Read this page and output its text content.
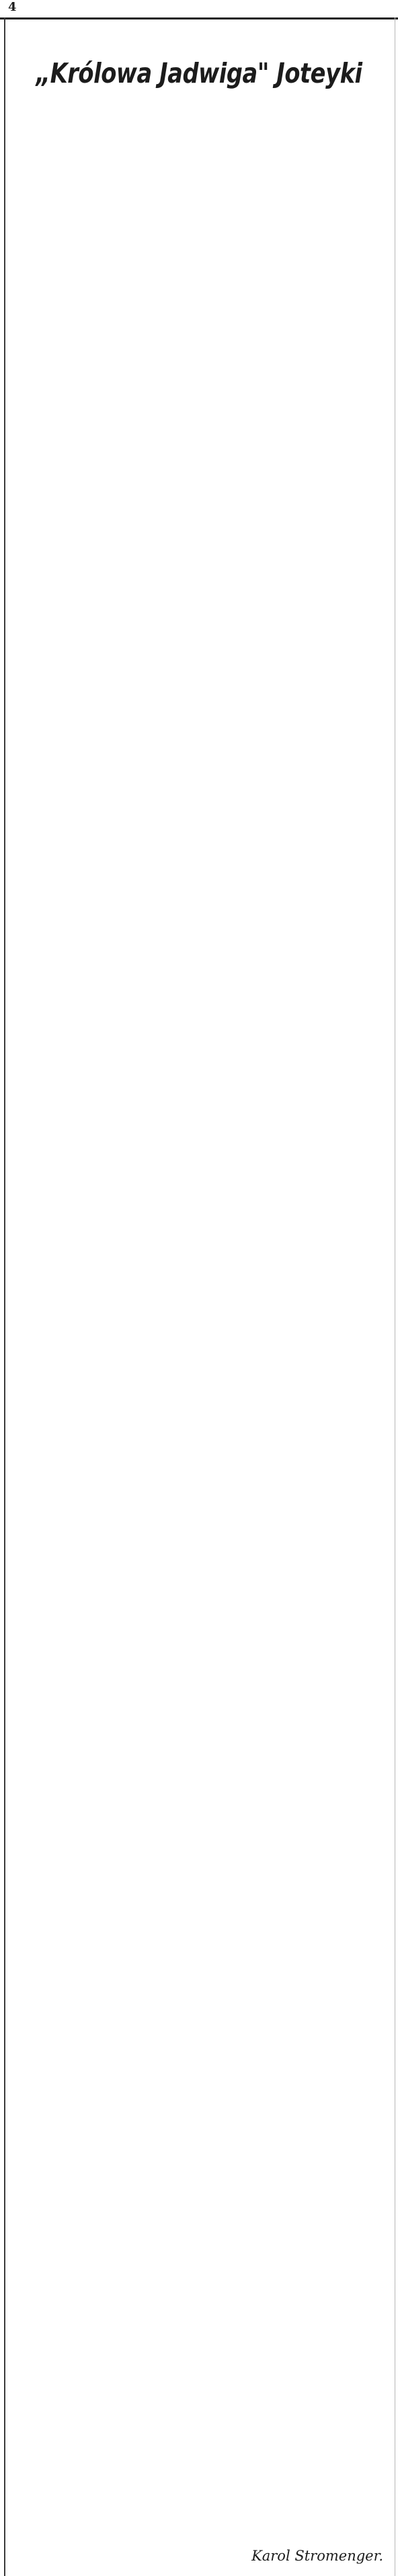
4
„Królowa Jadwiga" Joteyki

Karol Stromenger.
